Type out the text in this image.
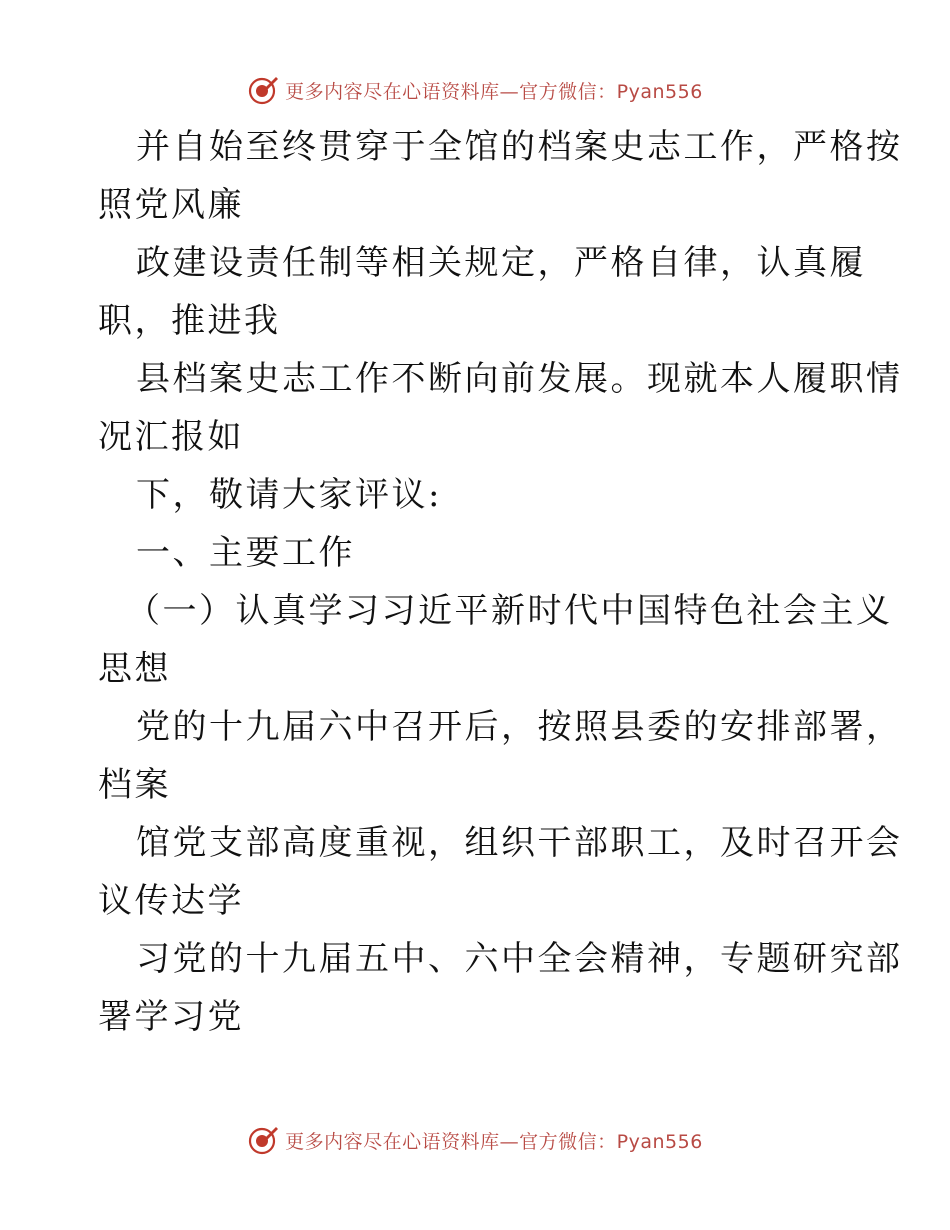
更多内容尽在心语资料库—官方微信：Pyan556
并自始至终贯穿于全馆的档案史志工作，严格按
照党风廉
政建设责任制等相关规定，严格自律，认真履
职，推进我
县档案史志工作不断向前发展。现就本人履职情
况汇报如
下，敬请大家评议:
一、主要工作
（一）认真学习习近平新时代中国特色社会主义
思想
党的十九届六中召开后，按照县委的安排部署，
档案
馆党支部高度重视，组织干部职工，及时召开会
议传达学
习党的十九届五中、六中全会精神，专题研究部
署学习党
更多内容尽在心语资料库—官方微信：Pyan556
